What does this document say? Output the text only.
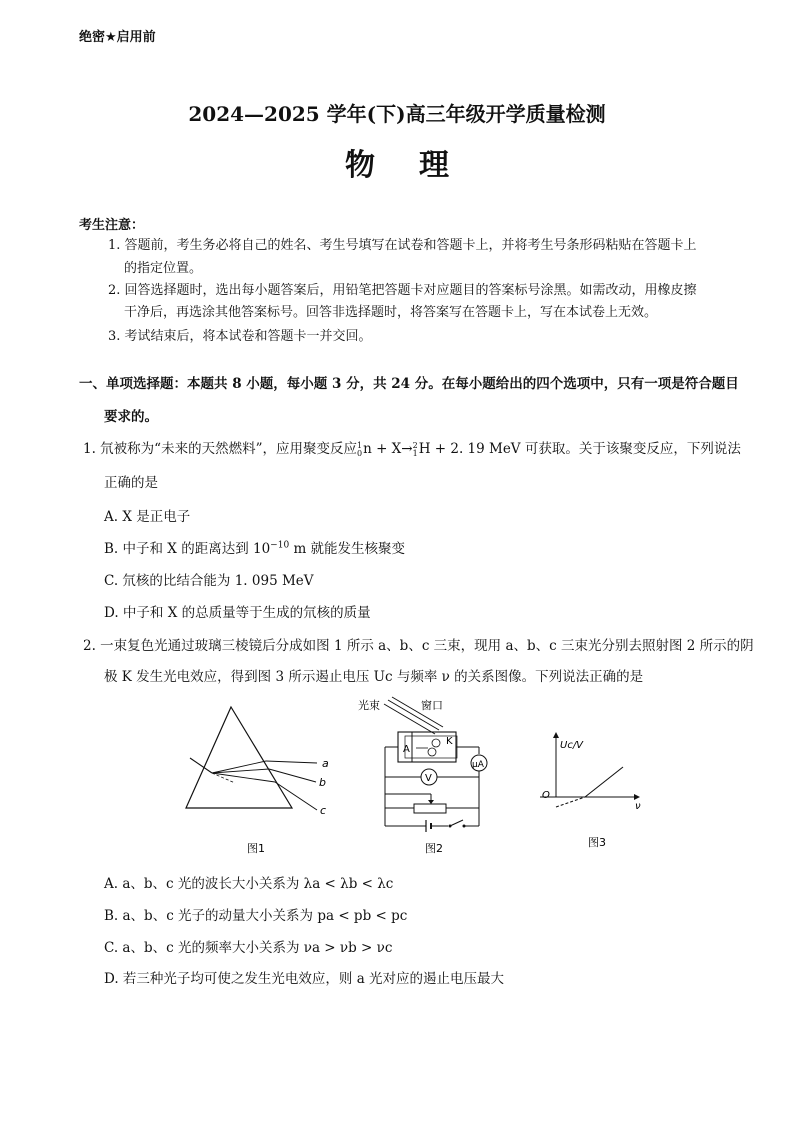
绝密★启用前
2024—2025 学年(下)高三年级开学质量检测
物理
考生注意：
1. 答题前，考生务必将自己的姓名、考生号填写在试卷和答题卡上，并将考生号条形码粘贴在答题卡上
的指定位置。
2. 回答选择题时，选出每小题答案后，用铅笔把答题卡对应题目的答案标号涂黑。如需改动，用橡皮擦
干净后，再选涂其他答案标号。回答非选择题时，将答案写在答题卡上，写在本试卷上无效。
3. 考试结束后，将本试卷和答题卡一并交回。
一、单项选择题：本题共 8 小题，每小题 3 分，共 24 分。在每小题给出的四个选项中，只有一项是符合题目
要求的。
1. 氘被称为“未来的天然燃料”，应用聚变反应1
0n + X→2
1H + 2. 19 MeV 可获取。关于该聚变反应，下列说法
正确的是
A. X 是正电子
B. 中子和 X 的距离达到 $10^{-10}$ m 就能发生核聚变
C. 氘核的比结合能为 1. 095 MeV
D. 中子和 X 的总质量等于生成的氘核的质量
2. 一束复色光通过玻璃三棱镜后分成如图 1 所示 a、b、c 三束，现用 a、b、c 三束光分别去照射图 2 所示的阴
极 K 发生光电效应，得到图 3 所示遏止电压 Uc 与频率 ν 的关系图像。下列说法正确的是
a
b
c
图1
光束	窗口
A
K
μA
V
图2
Uc/V
ν
O
图3
A. a、b、c 光的波长大小关系为 λa < λb < λc
B. a、b、c 光子的动量大小关系为 pa < pb < pc
C. a、b、c 光的频率大小关系为 νa > νb > νc
D. 若三种光子均可使之发生光电效应，则 a 光对应的遏止电压最大
